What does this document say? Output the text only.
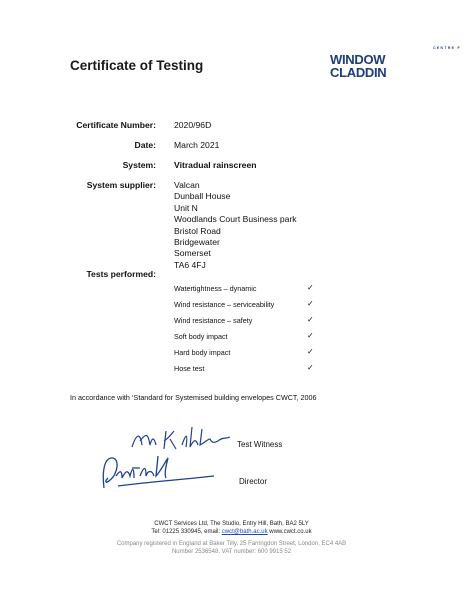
Certificate of Testing
CENTRE F
WINDOW
CLADDIN
Certificate Number: 2020/96D
Date: March 2021
System: Vitradual rainscreen
System supplier: Valcan
Dunball House
Unit N
Woodlands Court Business park
Bristol Road
Bridgewater
Somerset
TA6 4FJ
Tests performed:
Watertightness – dynamic	✓
Wind resistance – serviceability	✓
Wind resistance – safety	✓
Soft body impact	✓
Hard body impact	✓
Hose test	✓
In accordance with ‘Standard for Systemised building envelopes CWCT, 2006
Test Witness
Director
CWCT Services Ltd, The Studio, Entry Hill, Bath, BA2 5LY
Tel: 01225 330945, email: cwct@bath.ac.uk www.cwct.co.uk
Company registered in England at Baker Tilly, 25 Farringdon Street, London, EC4 4AB
Number 2536548. VAT number: 600 9915 52
